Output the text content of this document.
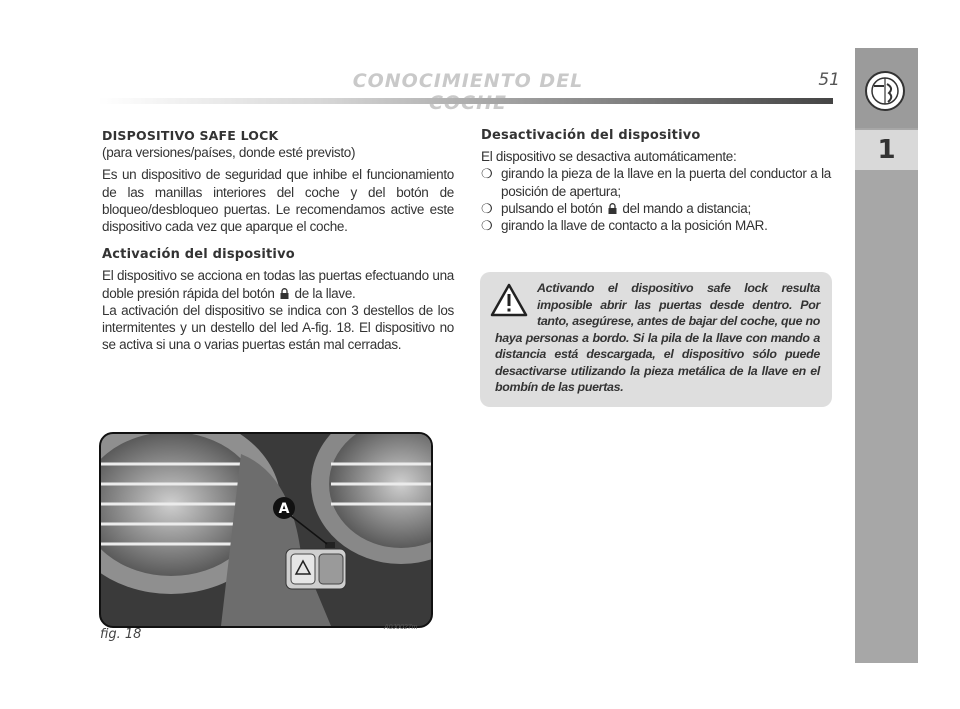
CONOCIMIENTO DEL	51
1
DISPOSITIVO SAFE LOCK
(para versiones/países, donde esté previsto)

Es un dispositivo de seguridad que inhibe el funcionamiento de las manillas interiores del coche y del botón de bloqueo/desbloqueo puertas. Le recomendamos active este dispositivo cada vez que aparque el coche.

Activación del dispositivo

El dispositivo se acciona en todas las puertas efectuando una doble presión rápida del botón de la llave.

La activación del dispositivo se indica con 3 destellos de los intermitentes y un destello del led A-fig. 18. El dispositivo no se activa si una o varias puertas están mal cerradas.

Desactivación del dispositivo

El dispositivo se desactiva automáticamente:

❍ girando la pieza de la llave en la puerta del conductor a la posición de apertura;

❍ pulsando el botón del mando a distancia;

❍ girando la llave de contacto a la posición MAR.

Activando el dispositivo safe lock resulta imposible abrir las puertas desde dentro. Por tanto, asegúrese, antes de bajar del coche, que no haya personas a bordo. Si la pila de la llave con mando a distancia está descargada, el dispositivo sólo puede desactivarse utilizando la pieza metálica de la llave en el bombín de las puertas.
A
fig. 18	A0J0027m
